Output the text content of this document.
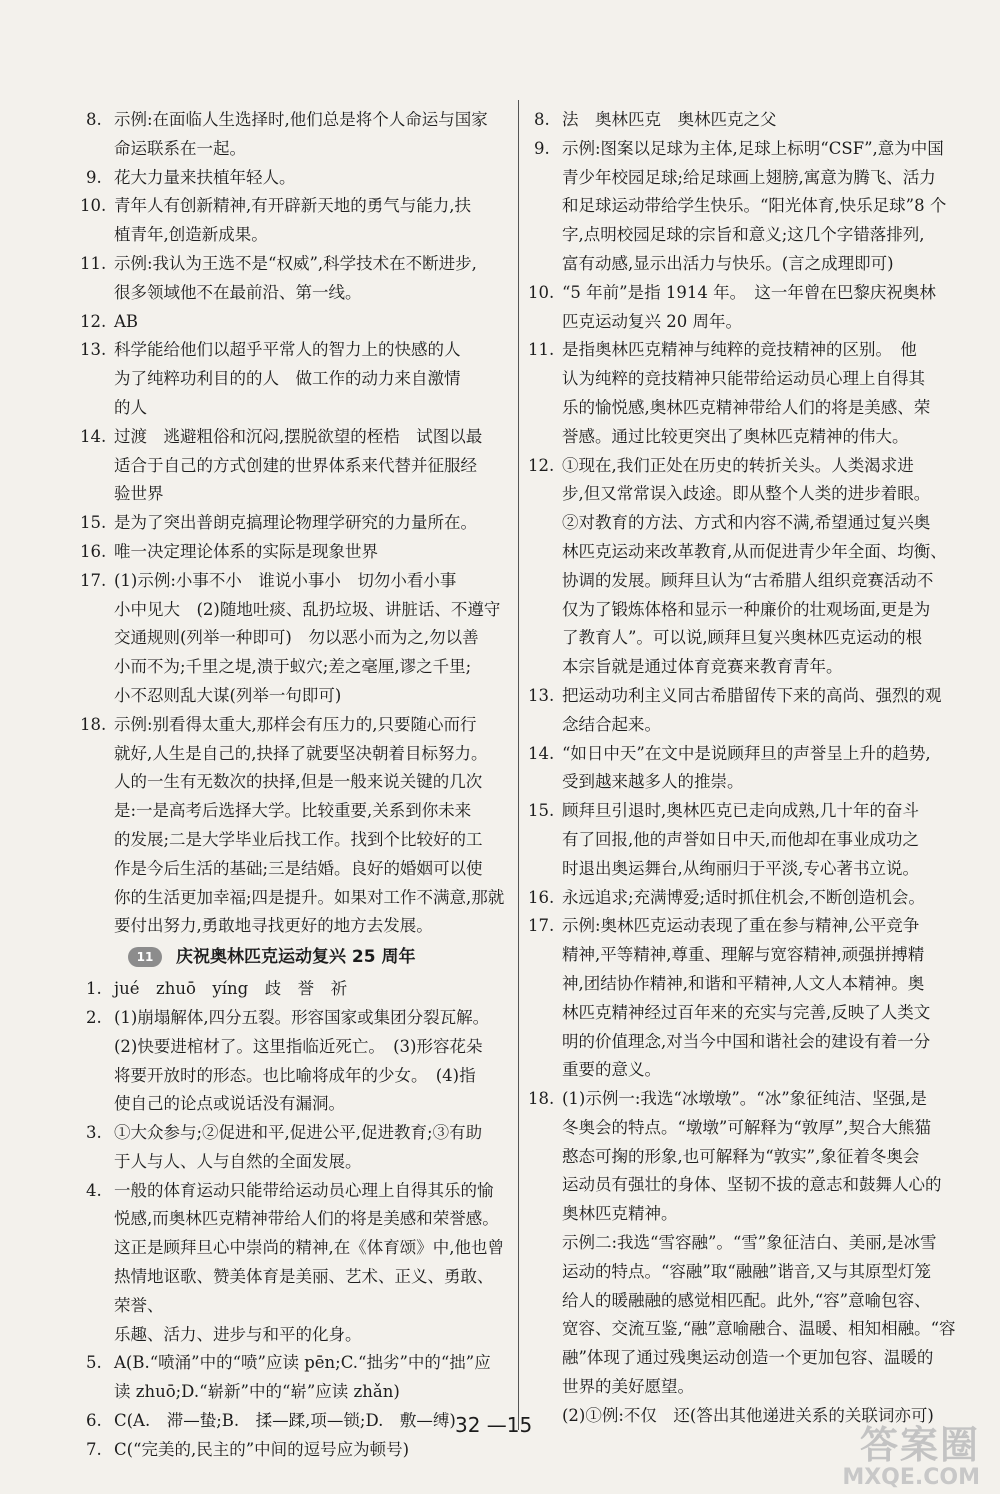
8. 示例:在面临人生选择时,他们总是将个人命运与国家
命运联系在一起。
9. 花大力量来扶植年轻人。
10. 青年人有创新精神,有开辟新天地的勇气与能力,扶
植青年,创造新成果。
11. 示例:我认为王选不是“权威”,科学技术在不断进步,
很多领域他不在最前沿、第一线。
12. AB
13. 科学能给他们以超乎平常人的智力上的快感的人
为了纯粹功利目的的人　做工作的动力来自激情
的人
14. 过渡　逃避粗俗和沉闷,摆脱欲望的桎梏　试图以最
适合于自己的方式创建的世界体系来代替并征服经
验世界
15. 是为了突出普朗克搞理论物理学研究的力量所在。
16. 唯一决定理论体系的实际是现象世界
17. (1)示例:小事不小　谁说小事小　切勿小看小事
小中见大　(2)随地吐痰、乱扔垃圾、讲脏话、不遵守
交通规则(列举一种即可)　勿以恶小而为之,勿以善
小而不为;千里之堤,溃于蚁穴;差之毫厘,谬之千里;
小不忍则乱大谋(列举一句即可)
18. 示例:别看得太重大,那样会有压力的,只要随心而行
就好,人生是自己的,抉择了就要坚决朝着目标努力。
人的一生有无数次的抉择,但是一般来说关键的几次
是:一是高考后选择大学。比较重要,关系到你未来
的发展;二是大学毕业后找工作。找到个比较好的工
作是今后生活的基础;三是结婚。良好的婚姻可以使
你的生活更加幸福;四是提升。如果对工作不满意,那就
要付出努力,勇敢地寻找更好的地方去发展。
11 庆祝奥林匹克运动复兴 25 周年
1. jué　zhuō　yíng　歧　誉　祈
2. (1)崩塌解体,四分五裂。形容国家或集团分裂瓦解。
(2)快要进棺材了。这里指临近死亡。　(3)形容花朵
将要开放时的形态。也比喻将成年的少女。　(4)指
使自己的论点或说话没有漏洞。
3. ①大众参与;②促进和平,促进公平,促进教育;③有助
于人与人、人与自然的全面发展。
4. 一般的体育运动只能带给运动员心理上自得其乐的愉
悦感,而奥林匹克精神带给人们的将是美感和荣誉感。
这正是顾拜旦心中崇尚的精神,在《体育颂》中,他也曾
热情地讴歌、赞美体育是美丽、艺术、正义、勇敢、荣誉、
乐趣、活力、进步与和平的化身。
5. A(B.“喷涌”中的“喷”应读 pēn;C.“拙劣”中的“拙”应
读 zhuō;D.“崭新”中的“崭”应读 zhǎn)
6. C(A.　滞—蛰;B.　揉—蹂,项—锁;D.　敷—缚)
7. C(“完美的,民主的”中间的逗号应为顿号)
8. 法　奥林匹克　奥林匹克之父
9. 示例:图案以足球为主体,足球上标明“CSF”,意为中国
青少年校园足球;给足球画上翅膀,寓意为腾飞、活力
和足球运动带给学生快乐。“阳光体育,快乐足球”8 个
字,点明校园足球的宗旨和意义;这几个字错落排列,
富有动感,显示出活力与快乐。(言之成理即可)
10. “5 年前”是指 1914 年。　这一年曾在巴黎庆祝奥林
匹克运动复兴 20 周年。
11. 是指奥林匹克精神与纯粹的竞技精神的区别。　他
认为纯粹的竞技精神只能带给运动员心理上自得其
乐的愉悦感,奥林匹克精神带给人们的将是美感、荣
誉感。通过比较更突出了奥林匹克精神的伟大。
12. ①现在,我们正处在历史的转折关头。人类渴求进
步,但又常常误入歧途。即从整个人类的进步着眼。
②对教育的方法、方式和内容不满,希望通过复兴奥
林匹克运动来改革教育,从而促进青少年全面、均衡、
协调的发展。顾拜旦认为“古希腊人组织竞赛活动不
仅为了锻炼体格和显示一种廉价的壮观场面,更是为
了教育人”。可以说,顾拜旦复兴奥林匹克运动的根
本宗旨就是通过体育竞赛来教育青年。
13. 把运动功利主义同古希腊留传下来的高尚、强烈的观
念结合起来。
14. “如日中天”在文中是说顾拜旦的声誉呈上升的趋势,
受到越来越多人的推崇。
15. 顾拜旦引退时,奥林匹克已走向成熟,几十年的奋斗
有了回报,他的声誉如日中天,而他却在事业成功之
时退出奥运舞台,从绚丽归于平淡,专心著书立说。
16. 永远追求;充满博爱;适时抓住机会,不断创造机会。
17. 示例:奥林匹克运动表现了重在参与精神,公平竞争
精神,平等精神,尊重、理解与宽容精神,顽强拼搏精
神,团结协作精神,和谐和平精神,人文人本精神。奥
林匹克精神经过百年来的充实与完善,反映了人类文
明的价值理念,对当今中国和谐社会的建设有着一分
重要的意义。
18. (1)示例一:我选“冰墩墩”。“冰”象征纯洁、坚强,是
冬奥会的特点。“墩墩”可解释为“敦厚”,契合大熊猫
憨态可掬的形象,也可解释为“敦实”,象征着冬奥会
运动员有强壮的身体、坚韧不拔的意志和鼓舞人心的
奥林匹克精神。
示例二:我选“雪容融”。“雪”象征洁白、美丽,是冰雪
运动的特点。“容融”取“融融”谐音,又与其原型灯笼
给人的暖融融的感觉相匹配。此外,“容”意喻包容、
宽容、交流互鉴,“融”意喻融合、温暖、相知相融。“容
融”体现了通过残奥运动创造一个更加包容、温暖的
世界的美好愿望。
(2)①例:不仅　还(答出其他递进关系的关联词亦可)
32 —15	答案圈
MXQE.COM
